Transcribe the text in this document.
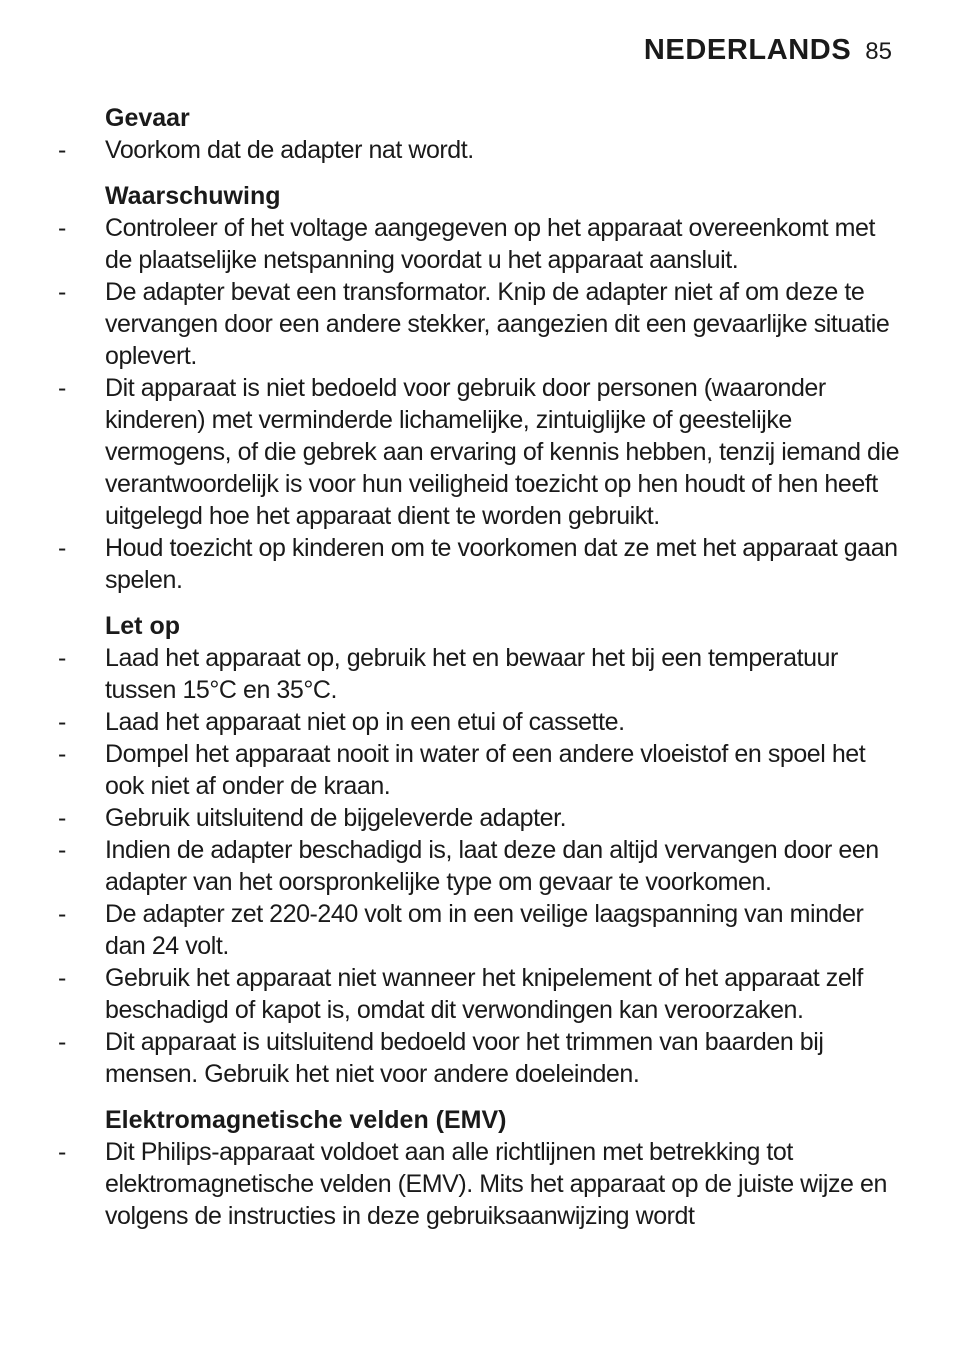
NEDERLANDS 85
Gevaar
-	Voorkom dat de adapter nat wordt.
Waarschuwing
-	Controleer of het voltage aangegeven op het apparaat overeenkomt met de plaatselijke netspanning voordat u het apparaat aansluit.
-	De adapter bevat een transformator. Knip de adapter niet af om deze te vervangen door een andere stekker, aangezien dit een gevaarlijke situatie oplevert.
-	Dit apparaat is niet bedoeld voor gebruik door personen (waaronder kinderen) met verminderde lichamelijke, zintuiglijke of geestelijke vermogens, of die gebrek aan ervaring of kennis hebben, tenzij iemand die verantwoordelijk is voor hun veiligheid toezicht op hen houdt of hen heeft uitgelegd hoe het apparaat dient te worden gebruikt.
-	Houd toezicht op kinderen om te voorkomen dat ze met het apparaat gaan spelen.
Let op
-	Laad het apparaat op, gebruik het en bewaar het bij een temperatuur tussen 15°C en 35°C.
-	Laad het apparaat niet op in een etui of cassette.
-	Dompel het apparaat nooit in water of een andere vloeistof en spoel het ook niet af onder de kraan.
-	Gebruik uitsluitend de bijgeleverde adapter.
-	Indien de adapter beschadigd is, laat deze dan altijd vervangen door een adapter van het oorspronkelijke type om gevaar te voorkomen.
-	De adapter zet 220-240 volt om in een veilige laagspanning van minder dan 24 volt.
-	Gebruik het apparaat niet wanneer het knipelement of het apparaat zelf beschadigd of kapot is, omdat dit verwondingen kan veroorzaken.
-	Dit apparaat is uitsluitend bedoeld voor het trimmen van baarden bij mensen. Gebruik het niet voor andere doeleinden.
Elektromagnetische velden (EMV)
-	Dit Philips-apparaat voldoet aan alle richtlijnen met betrekking tot elektromagnetische velden (EMV). Mits het apparaat op de juiste wijze en volgens de instructies in deze gebruiksaanwijzing wordt
